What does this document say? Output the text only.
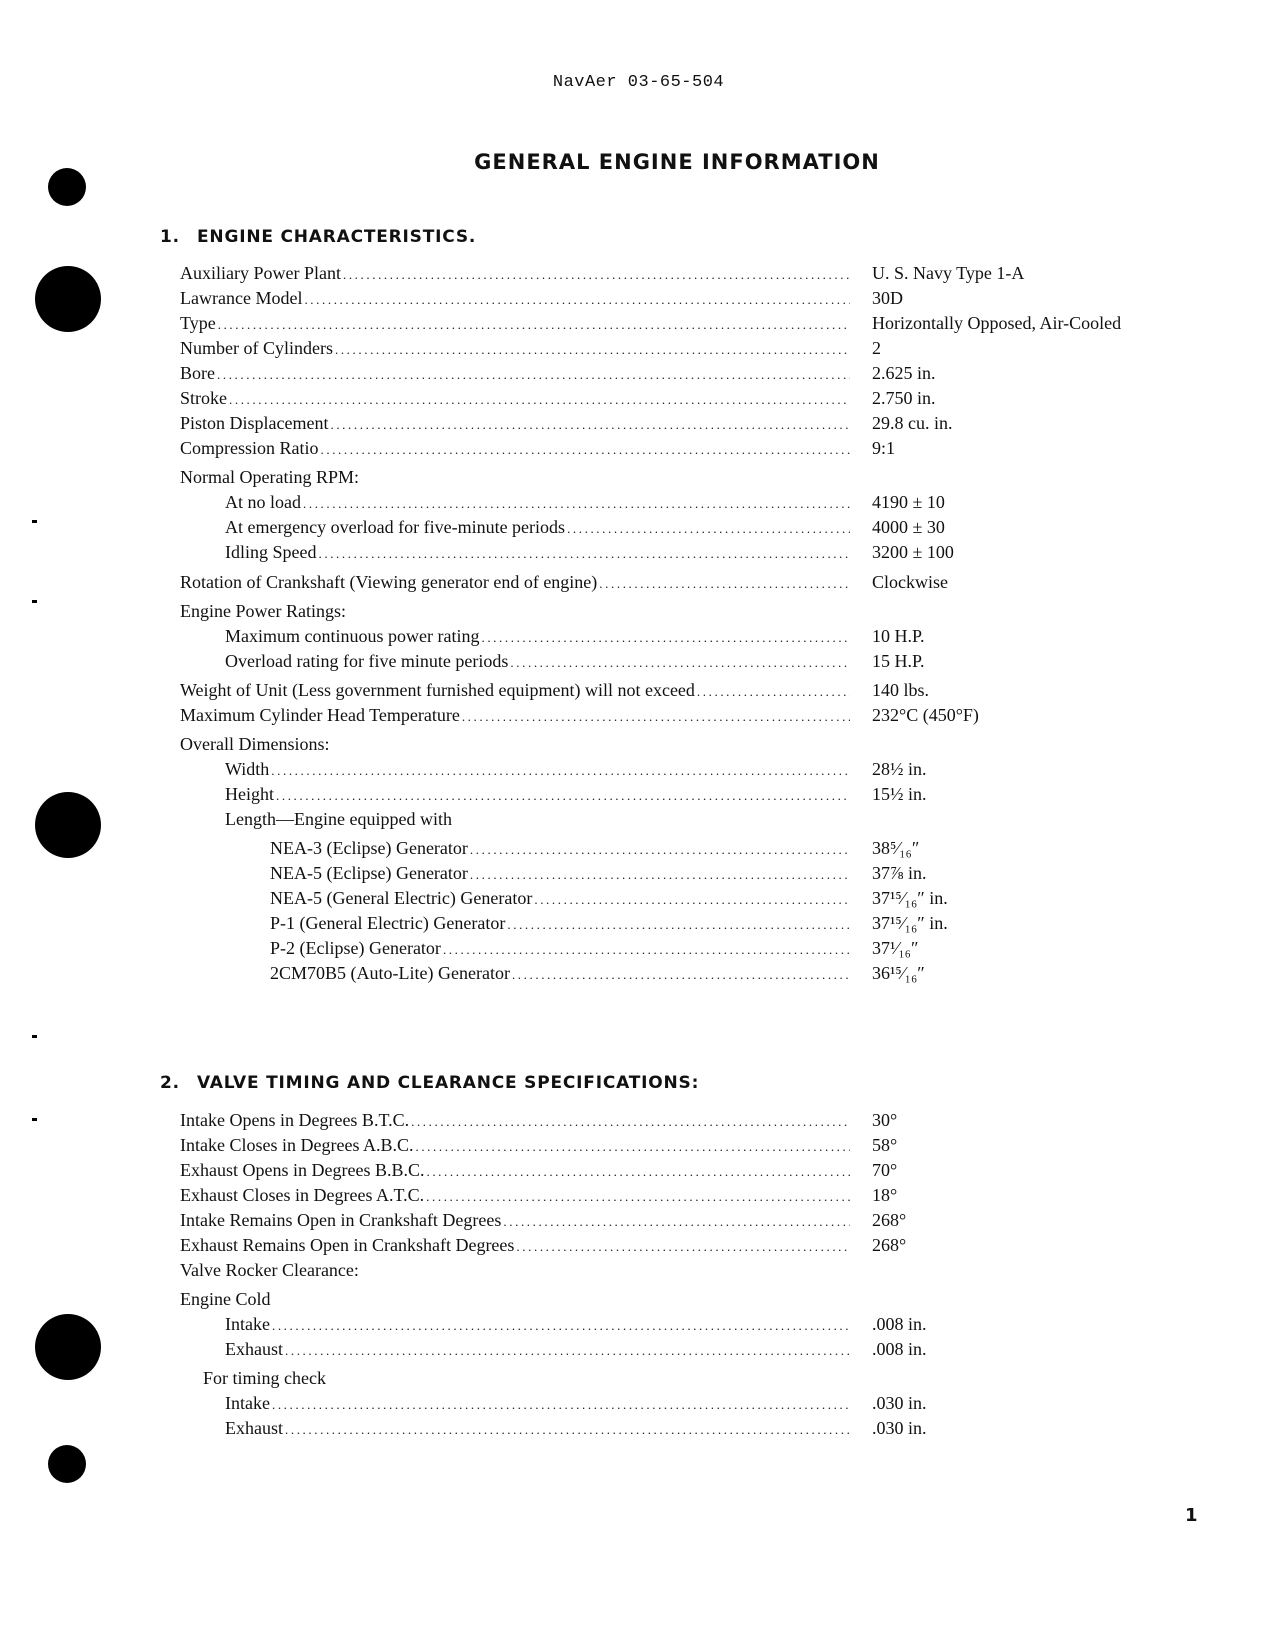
NavAer 03-65-504
GENERAL ENGINE INFORMATION
1. ENGINE CHARACTERISTICS.
Auxiliary Power Plant .....	U. S. Navy Type 1-A
Lawrance Model .....	30D
Type .....	Horizontally Opposed, Air-Cooled
Number of Cylinders .....	2
Bore .....	2.625 in.
Stroke .....	2.750 in.
Piston Displacement .....	29.8 cu. in.
Compression Ratio .....	9:1
Normal Operating RPM:
At no load .....	4190 ± 10
At emergency overload for five-minute periods .....	4000 ± 30
Idling Speed .....	3200 ± 100
Rotation of Crankshaft (Viewing generator end of engine) .....	Clockwise
Engine Power Ratings:
Maximum continuous power rating .....	10 H.P.
Overload rating for five minute periods .....	15 H.P.
Weight of Unit (Less government furnished equipment) will not exceed .....	140 lbs.
Maximum Cylinder Head Temperature .....	232°C (450°F)
Overall Dimensions:
Width .....	28½ in.
Height .....	15½ in.
Length—Engine equipped with
NEA-3 (Eclipse) Generator .....	38⁵⁄₁₆″
NEA-5 (Eclipse) Generator .....	37⅞ in.
NEA-5 (General Electric) Generator .....	37¹⁵⁄₁₆″ in.
P-1 (General Electric) Generator .....	37¹⁵⁄₁₆″ in.
P-2 (Eclipse) Generator .....	37¹⁄₁₆″
2CM70B5 (Auto-Lite) Generator .....	36¹⁵⁄₁₆″
2. VALVE TIMING AND CLEARANCE SPECIFICATIONS:
Intake Opens in Degrees B.T.C. .....	30°
Intake Closes in Degrees A.B.C. .....	58°
Exhaust Opens in Degrees B.B.C. .....	70°
Exhaust Closes in Degrees A.T.C. .....	18°
Intake Remains Open in Crankshaft Degrees .....	268°
Exhaust Remains Open in Crankshaft Degrees .....	268°
Valve Rocker Clearance:
Engine Cold
Intake .....	.008 in.
Exhaust .....	.008 in.
For timing check
Intake .....	.030 in.
Exhaust .....	.030 in.
1
